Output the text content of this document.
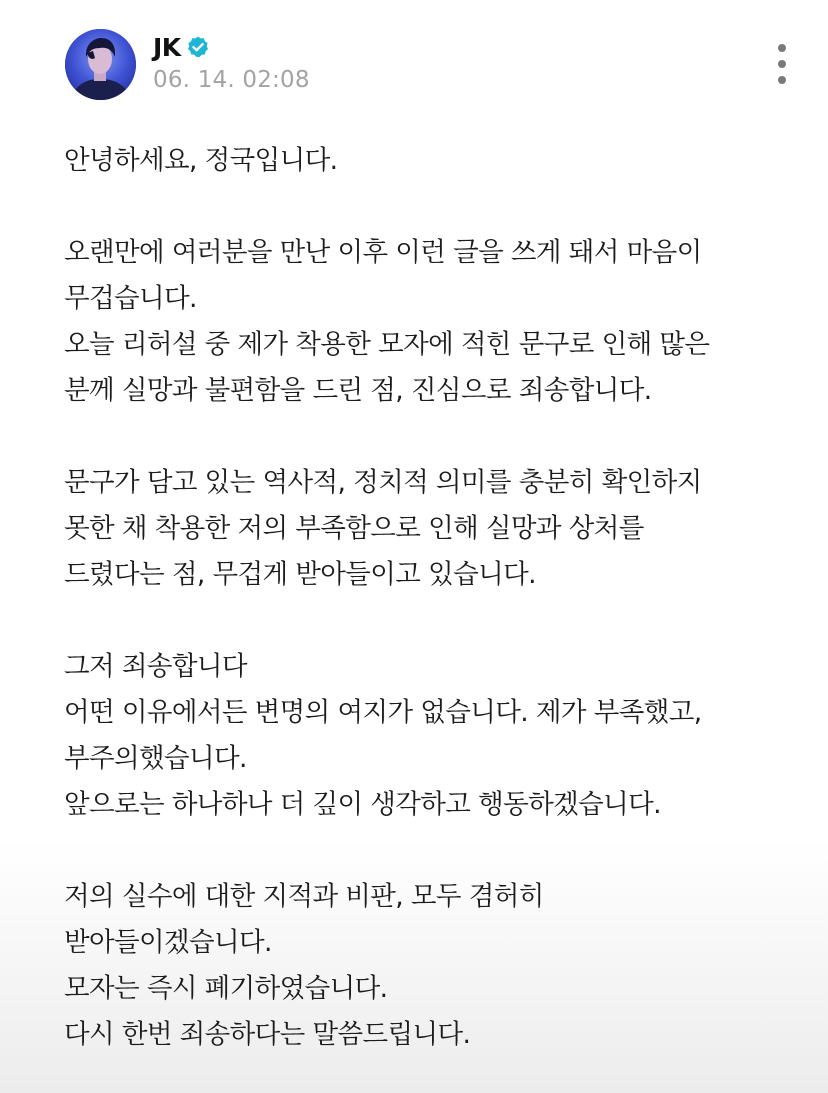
JK
06. 14. 02:08
안녕하세요, 정국입니다.
오랜만에 여러분을 만난 이후 이런 글을 쓰게 돼서 마음이
무겁습니다.
오늘 리허설 중 제가 착용한 모자에 적힌 문구로 인해 많은
분께 실망과 불편함을 드린 점, 진심으로 죄송합니다.
문구가 담고 있는 역사적, 정치적 의미를 충분히 확인하지
못한 채 착용한 저의 부족함으로 인해 실망과 상처를
드렸다는 점, 무겁게 받아들이고 있습니다.
그저 죄송합니다
어떤 이유에서든 변명의 여지가 없습니다. 제가 부족했고,
부주의했습니다.
앞으로는 하나하나 더 깊이 생각하고 행동하겠습니다.
저의 실수에 대한 지적과 비판, 모두 겸허히
받아들이겠습니다.
모자는 즉시 폐기하였습니다.
다시 한번 죄송하다는 말씀드립니다.
